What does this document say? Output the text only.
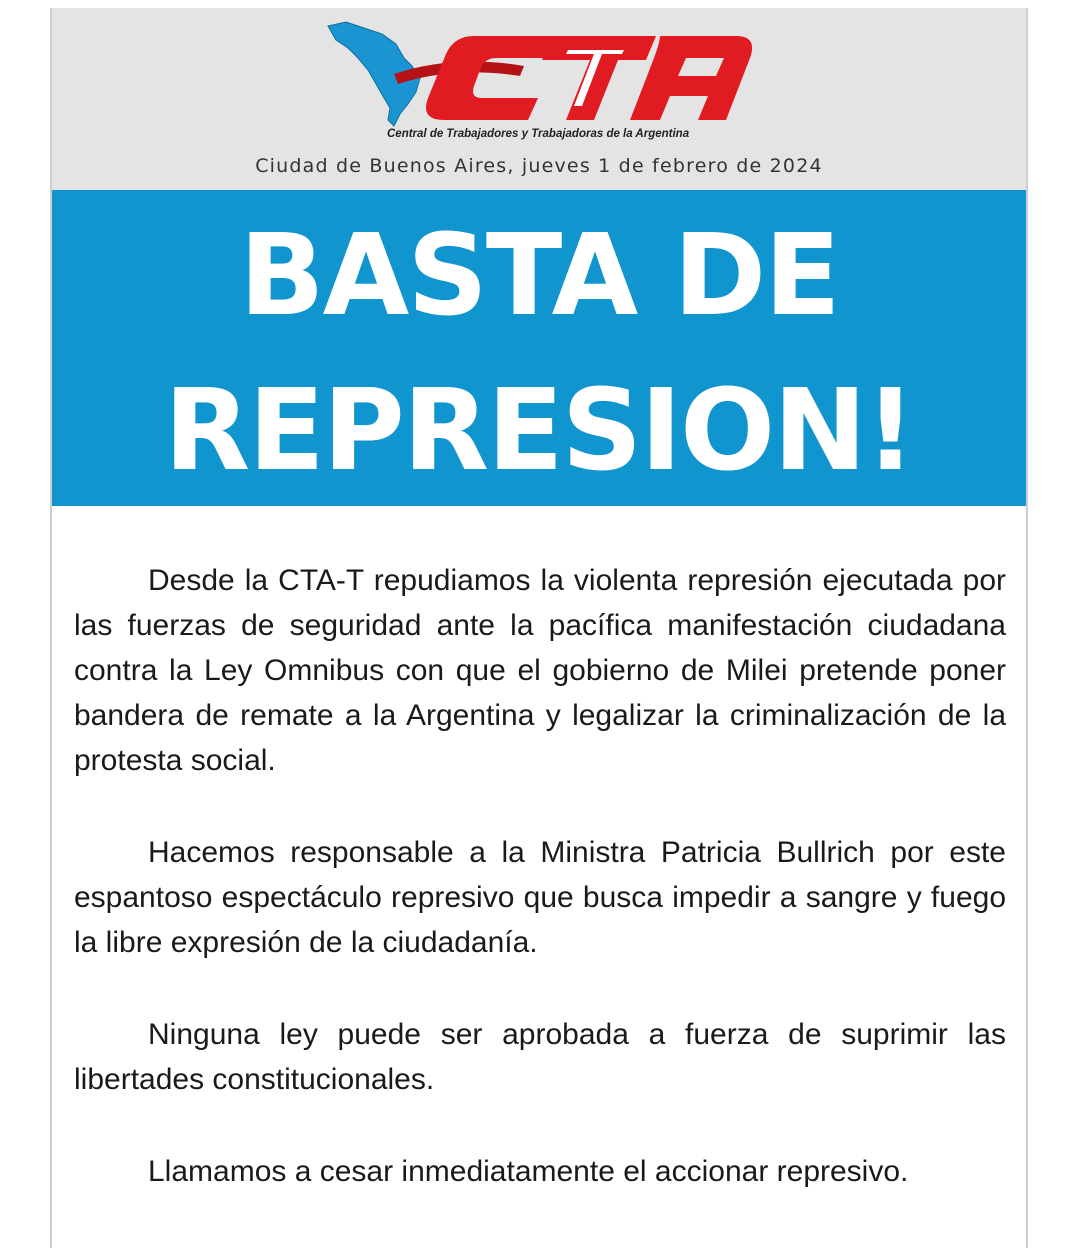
Central de Trabajadores y Trabajadoras de la Argentina
Ciudad de Buenos Aires, jueves 1 de febrero de 2024
BASTA DE
REPRESION!

Desde la CTA-T repudiamos la violenta represión ejecutada por las fuerzas de seguridad ante la pacífica manifestación ciudadana contra la Ley Omnibus con que el gobierno de Milei pretende poner bandera de remate a la Argentina y legalizar la criminalización de la protesta social.

Hacemos responsable a la Ministra Patricia Bullrich por este espantoso espectáculo represivo que busca impedir a sangre y fuego la libre expresión de la ciudadanía.

Ninguna ley puede ser aprobada a fuerza de suprimir las libertades constitucionales.

Llamamos a cesar inmediatamente el accionar represivo.
